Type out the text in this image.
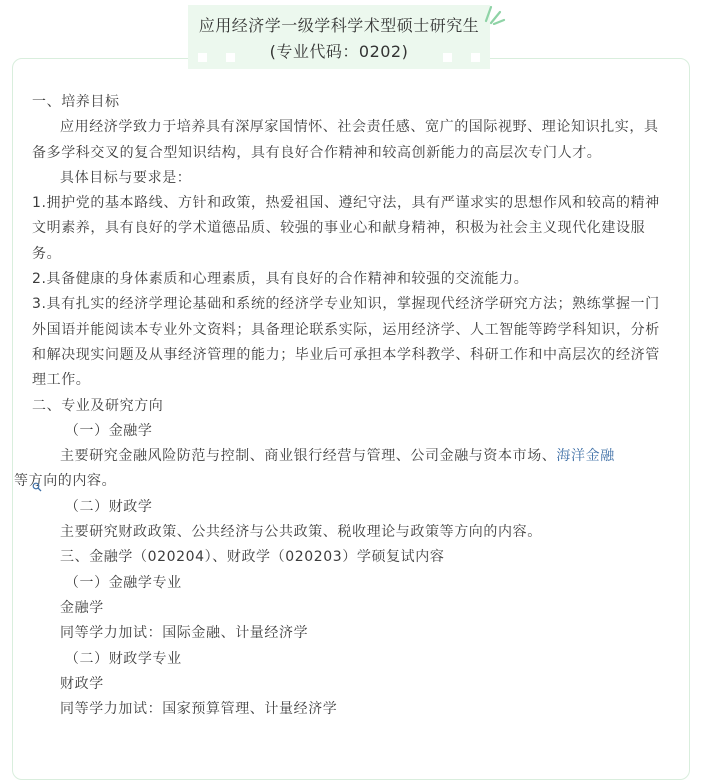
应用经济学一级学科学术型硕士研究生
(专业代码：0202)

一、培养目标

应用经济学致力于培养具有深厚家国情怀、社会责任感、宽广的国际视野、理论知识扎实，具备多学科交叉的复合型知识结构，具有良好合作精神和较高创新能力的高层次专门人才。

具体目标与要求是：

1.拥护党的基本路线、方针和政策，热爱祖国、遵纪守法，具有严谨求实的思想作风和较高的精神文明素养，具有良好的学术道德品质、较强的事业心和献身精神，积极为社会主义现代化建设服务。

2.具备健康的身体素质和心理素质，具有良好的合作精神和较强的交流能力。

3.具有扎实的经济学理论基础和系统的经济学专业知识，掌握现代经济学研究方法；熟练掌握一门外国语并能阅读本专业外文资料；具备理论联系实际，运用经济学、人工智能等跨学科知识，分析和解决现实问题及从事经济管理的能力；毕业后可承担本学科教学、科研工作和中高层次的经济管理工作。

二、专业及研究方向

（一）金融学

主要研究金融风险防范与控制、商业银行经营与管理、公司金融与资本市场、海洋金融
等方向的内容。

（二）财政学

主要研究财政政策、公共经济与公共政策、税收理论与政策等方向的内容。

三、金融学（020204）、财政学（020203）学硕复试内容

（一）金融学专业

金融学

同等学力加试：国际金融、计量经济学

（二）财政学专业

财政学

同等学力加试：国家预算管理、计量经济学
